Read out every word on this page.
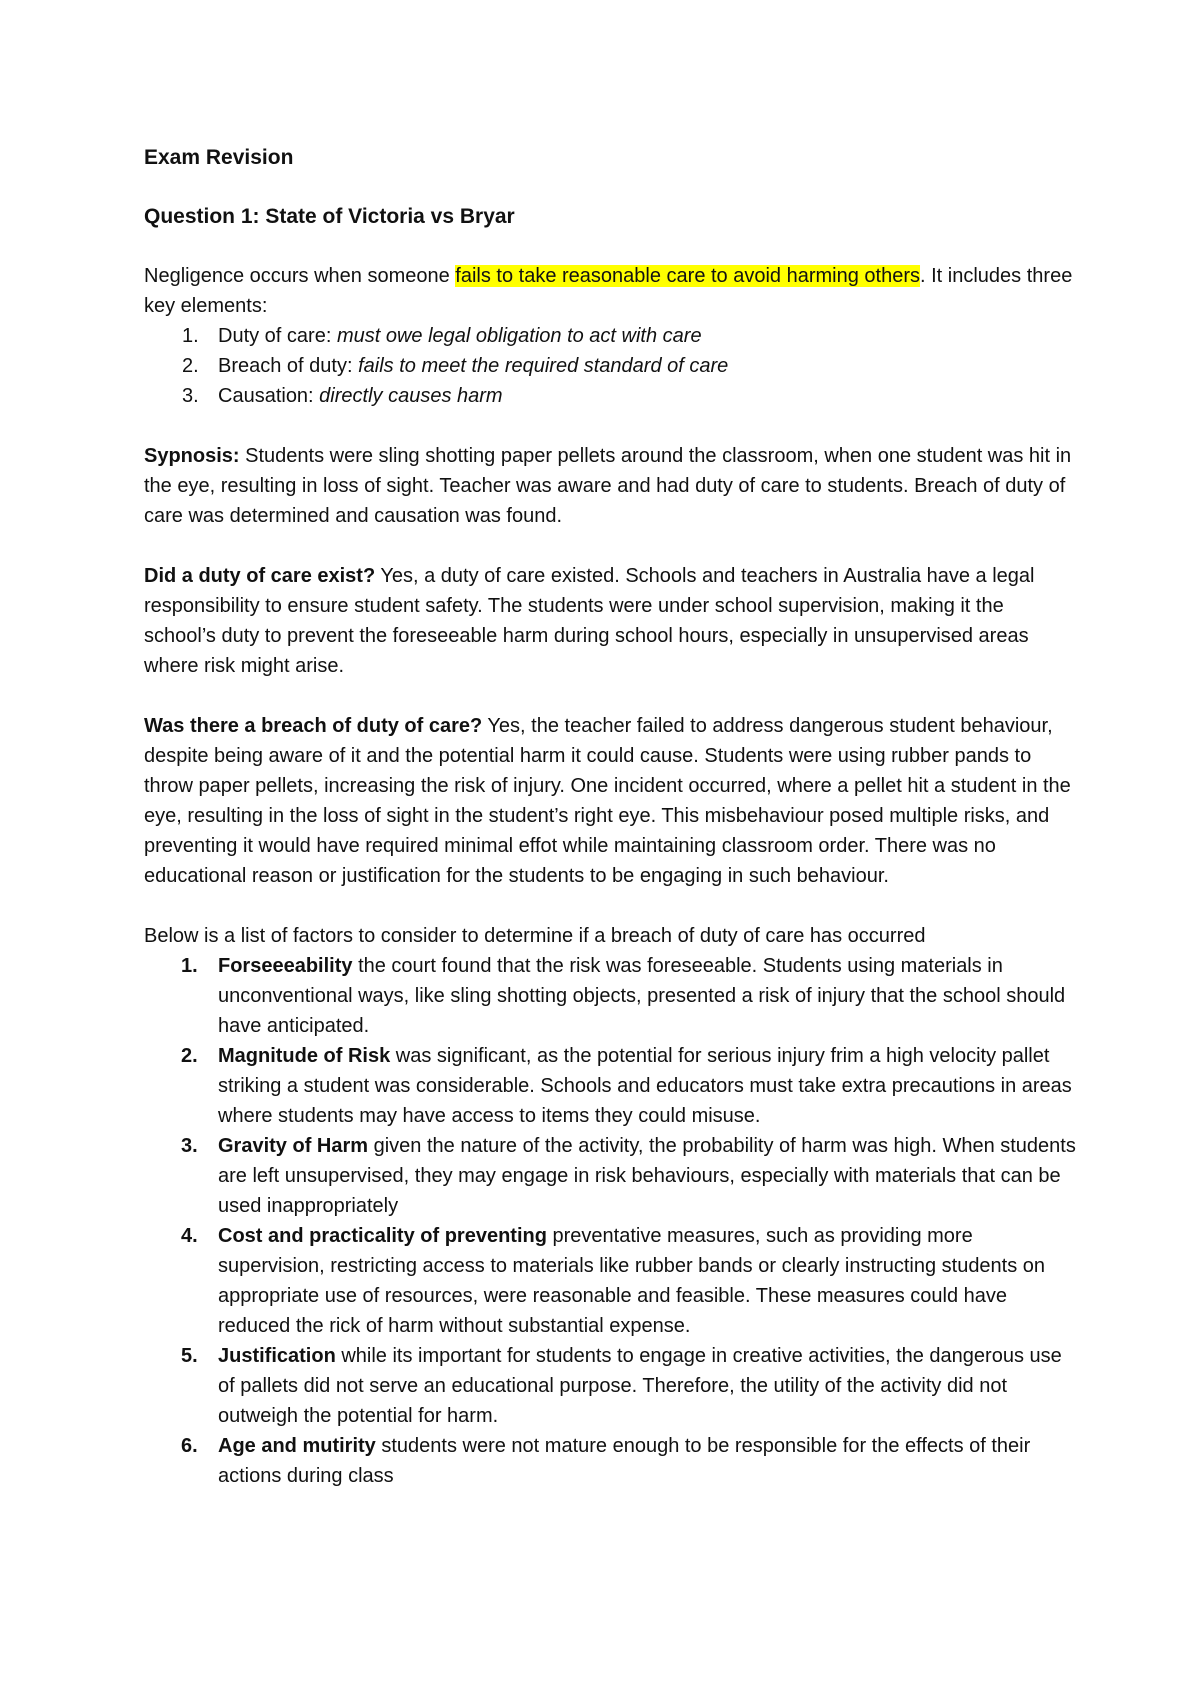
Exam Revision

Question 1: State of Victoria vs Bryar

Negligence occurs when someone fails to take reasonable care to avoid harming others. It includes three key elements:

1. Duty of care: must owe legal obligation to act with care
2. Breach of duty: fails to meet the required standard of care
3. Causation: directly causes harm

Sypnosis: Students were sling shotting paper pellets around the classroom, when one student was hit in the eye, resulting in loss of sight. Teacher was aware and had duty of care to students. Breach of duty of care was determined and causation was found.

Did a duty of care exist? Yes, a duty of care existed. Schools and teachers in Australia have a legal responsibility to ensure student safety. The students were under school supervision, making it the school’s duty to prevent the foreseeable harm during school hours, especially in unsupervised areas where risk might arise.

Was there a breach of duty of care? Yes, the teacher failed to address dangerous student behaviour, despite being aware of it and the potential harm it could cause. Students were using rubber pands to throw paper pellets, increasing the risk of injury. One incident occurred, where a pellet hit a student in the eye, resulting in the loss of sight in the student’s right eye. This misbehaviour posed multiple risks, and preventing it would have required minimal effot while maintaining classroom order. There was no educational reason or justification for the students to be engaging in such behaviour.

Below is a list of factors to consider to determine if a breach of duty of care has occurred

1. Forseeeability the court found that the risk was foreseeable. Students using materials in unconventional ways, like sling shotting objects, presented a risk of injury that the school should have anticipated.
2. Magnitude of Risk was significant, as the potential for serious injury frim a high velocity pallet striking a student was considerable. Schools and educators must take extra precautions in areas where students may have access to items they could misuse.
3. Gravity of Harm given the nature of the activity, the probability of harm was high. When students are left unsupervised, they may engage in risk behaviours, especially with materials that can be used inappropriately
4. Cost and practicality of preventing preventative measures, such as providing more supervision, restricting access to materials like rubber bands or clearly instructing students on appropriate use of resources, were reasonable and feasible. These measures could have reduced the rick of harm without substantial expense.
5. Justification while its important for students to engage in creative activities, the dangerous use of pallets did not serve an educational purpose. Therefore, the utility of the activity did not outweigh the potential for harm.
6. Age and mutirity students were not mature enough to be responsible for the effects of their actions during class
